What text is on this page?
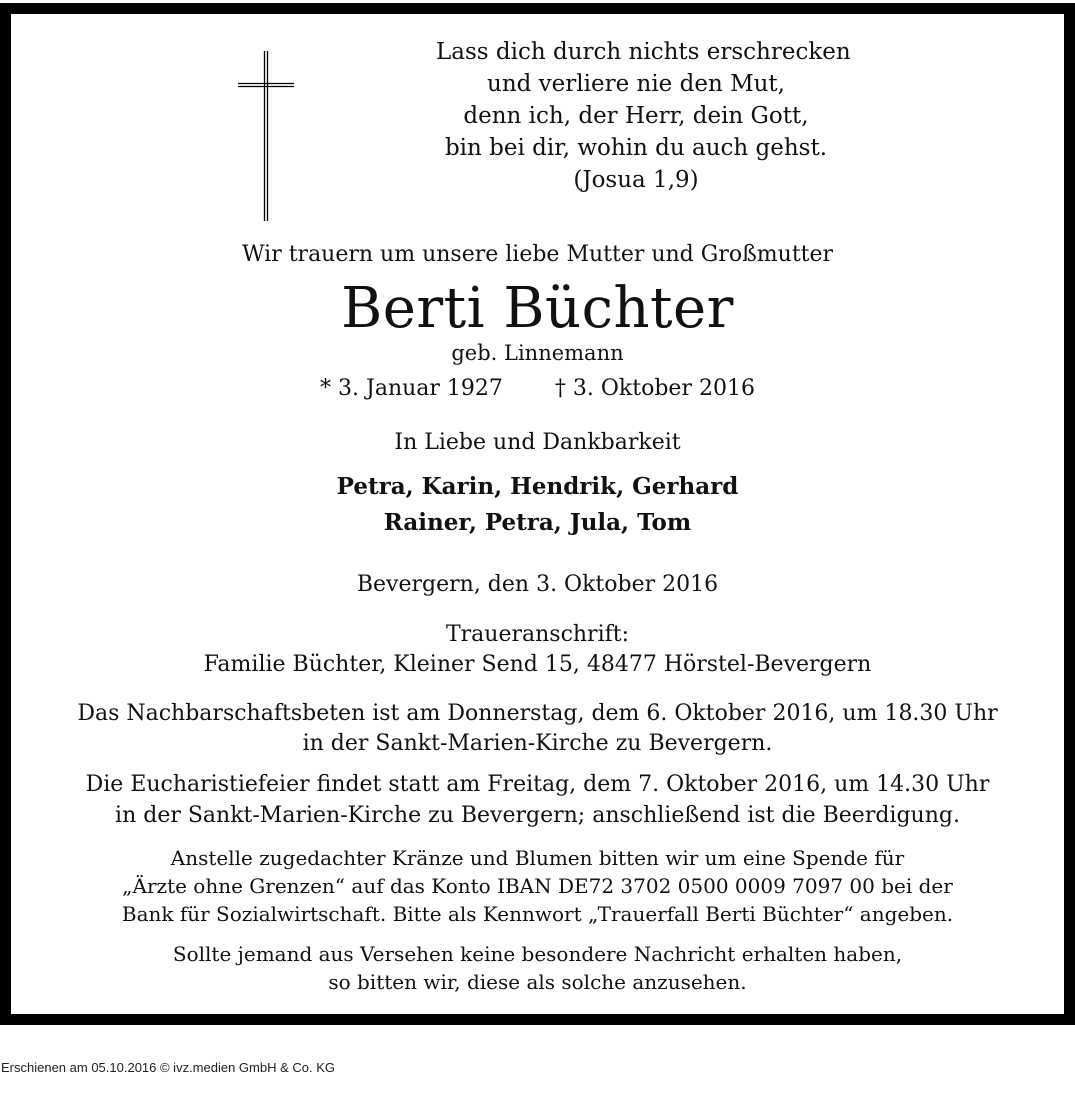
Lass dich durch nichts erschrecken
und verliere nie den Mut,
denn ich, der Herr, dein Gott,
bin bei dir, wohin du auch gehst.
(Josua 1,9)
Wir trauern um unsere liebe Mutter und Großmutter
Berti Büchter
geb. Linnemann
* 3. Januar 1927 † 3. Oktober 2016
In Liebe und Dankbarkeit
Petra, Karin, Hendrik, Gerhard
Rainer, Petra, Jula, Tom
Bevergern, den 3. Oktober 2016
Traueranschrift:
Familie Büchter, Kleiner Send 15, 48477 Hörstel-Bevergern
Das Nachbarschaftsbeten ist am Donnerstag, dem 6. Oktober 2016, um 18.30 Uhr
in der Sankt-Marien-Kirche zu Bevergern.
Die Eucharistiefeier findet statt am Freitag, dem 7. Oktober 2016, um 14.30 Uhr
in der Sankt-Marien-Kirche zu Bevergern; anschließend ist die Beerdigung.
Anstelle zugedachter Kränze und Blumen bitten wir um eine Spende für
„Ärzte ohne Grenzen“ auf das Konto IBAN DE72 3702 0500 0009 7097 00 bei der
Bank für Sozialwirtschaft. Bitte als Kennwort „Trauerfall Berti Büchter“ angeben.
Sollte jemand aus Versehen keine besondere Nachricht erhalten haben,
so bitten wir, diese als solche anzusehen.
Erschienen am 05.10.2016 © ivz.medien GmbH & Co. KG
